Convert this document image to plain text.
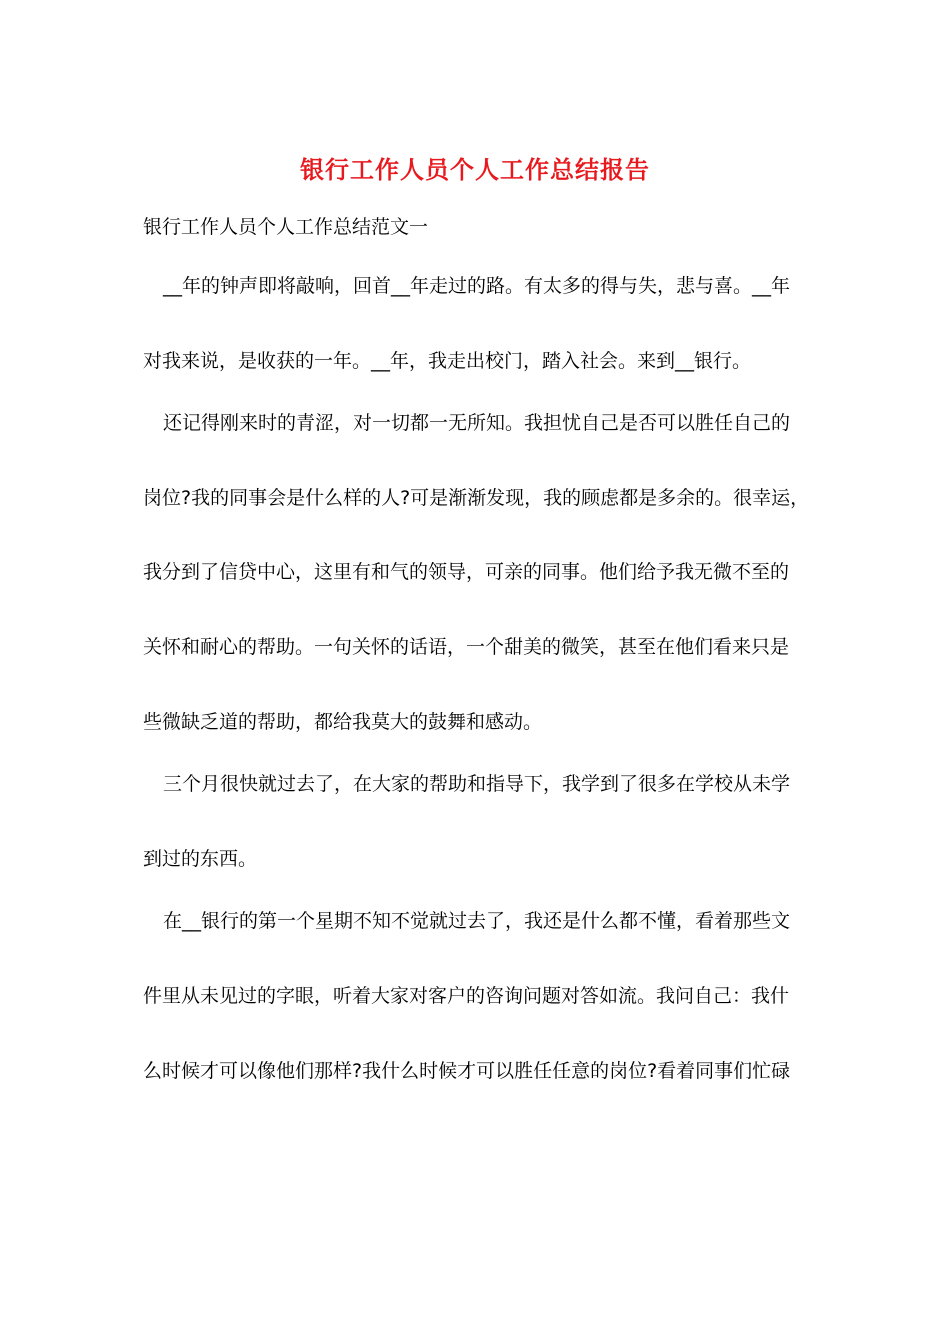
银行工作人员个人工作总结报告
银行工作人员个人工作总结范文一
__年的钟声即将敲响，回首__年走过的路。有太多的得与失，悲与喜。__年
对我来说，是收获的一年。__年，我走出校门，踏入社会。来到__银行。
还记得刚来时的青涩，对一切都一无所知。我担忧自己是否可以胜任自己的
岗位?我的同事会是什么样的人?可是渐渐发现，我的顾虑都是多余的。很幸运，
我分到了信贷中心，这里有和气的领导，可亲的同事。他们给予我无微不至的
关怀和耐心的帮助。一句关怀的话语，一个甜美的微笑，甚至在他们看来只是
些微缺乏道的帮助，都给我莫大的鼓舞和感动。
三个月很快就过去了，在大家的帮助和指导下，我学到了很多在学校从未学
到过的东西。
在__银行的第一个星期不知不觉就过去了，我还是什么都不懂，看着那些文
件里从未见过的字眼，听着大家对客户的咨询问题对答如流。我问自己：我什
么时候才可以像他们那样?我什么时候才可以胜任任意的岗位?看着同事们忙碌
